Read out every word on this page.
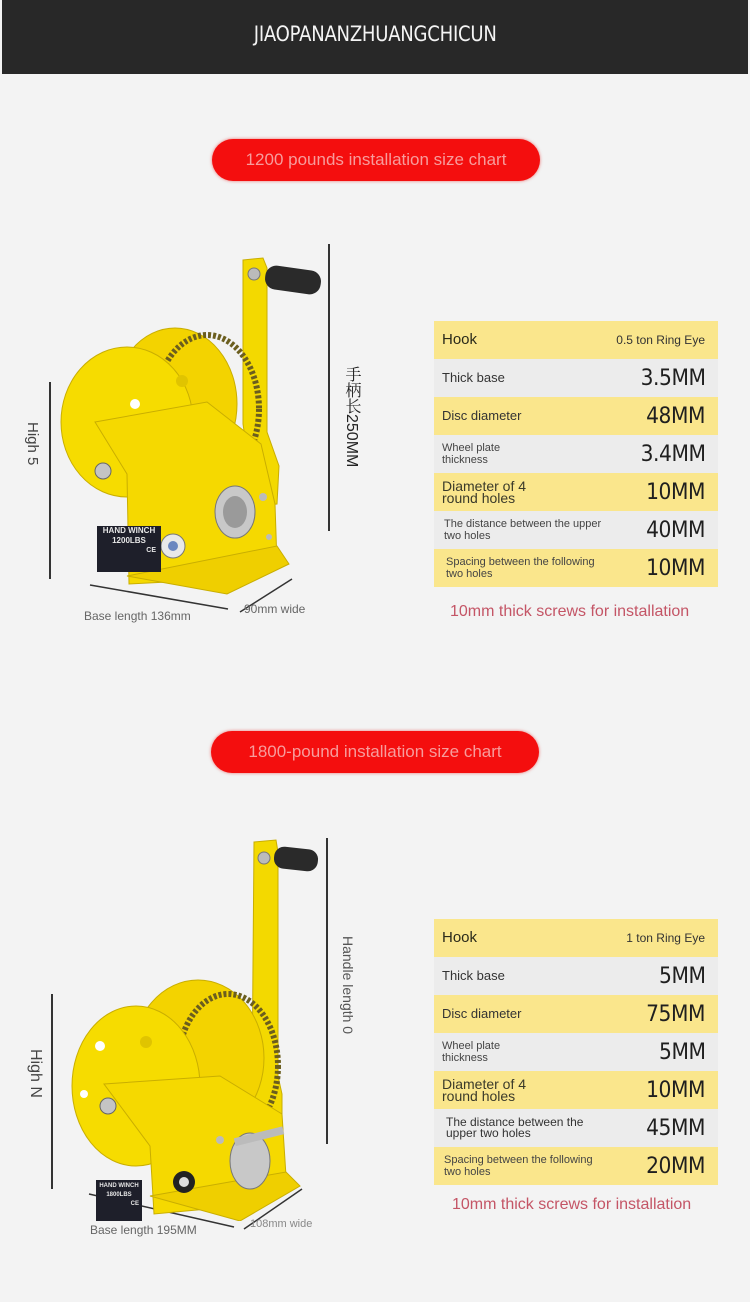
JIAOPANANZHUANGCHICUN
1200 pounds installation size chart
手柄长250MM
High 5
Base length 136mm	90mm wide
HAND WINCH
1200LBS
CE
Hook	0.5 ton Ring Eye
Thick base	3.5MM
Disc diameter	48MM
Wheel plate thickness	3.4MM
Diameter of 4 round holes	10MM
The distance between the upper two holes	40MM
Spacing between the following two holes	10MM
10mm thick screws for installation
1800-pound installation size chart
Handle length 0
High N
Base length 195MM	108mm wide
HAND WINCH
1800LBS
CE
Hook	1 ton Ring Eye
Thick base	5MM
Disc diameter	75MM
Wheel plate thickness	5MM
Diameter of 4 round holes	10MM
The distance between the upper two holes	45MM
Spacing between the following two holes	20MM
10mm thick screws for installation
